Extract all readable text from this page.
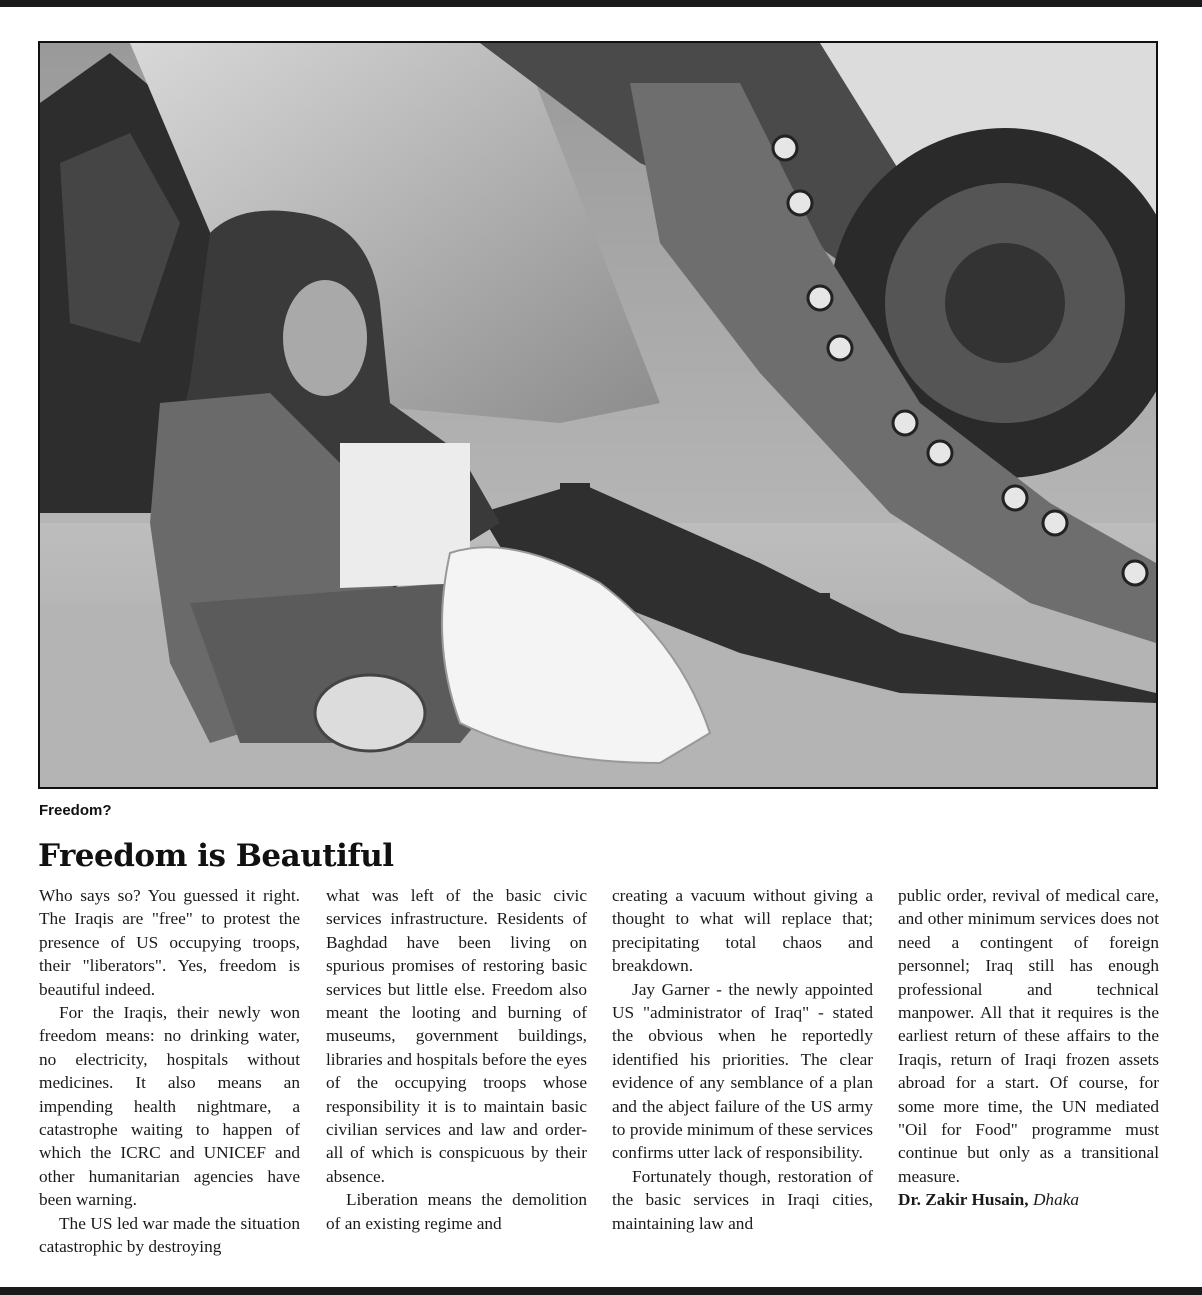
Freedom?
Freedom is Beautiful

Who says so? You guessed it right. The Iraqis are "free" to protest the presence of US occupying troops, their "liberators". Yes, freedom is beautiful indeed.

For the Iraqis, their newly won freedom means: no drinking water, no electricity, hospitals without medicines. It also means an impending health nightmare, a catastrophe waiting to happen of which the ICRC and UNICEF and other humanitarian agencies have been warning.

The US led war made the situation catastrophic by destroying

what was left of the basic civic services infrastructure. Residents of Baghdad have been living on spurious promises of restoring basic services but little else. Freedom also meant the looting and burning of museums, government buildings, libraries and hospitals before the eyes of the occupying troops whose responsibility it is to maintain basic civilian services and law and order- all of which is conspicuous by their absence.

Liberation means the demolition of an existing regime and

creating a vacuum without giving a thought to what will replace that; precipitating total chaos and breakdown.

Jay Garner - the newly appointed US "administrator of Iraq" - stated the obvious when he reportedly identified his priorities. The clear evidence of any semblance of a plan and the abject failure of the US army to provide minimum of these services confirms utter lack of responsibility.

Fortunately though, restoration of the basic services in Iraqi cities, maintaining law and

public order, revival of medical care, and other minimum services does not need a contingent of foreign personnel; Iraq still has enough professional and technical manpower. All that it requires is the earliest return of these affairs to the Iraqis, return of Iraqi frozen assets abroad for a start. Of course, for some more time, the UN mediated "Oil for Food" programme must continue but only as a transitional measure.

Dr. Zakir Husain, Dhaka
